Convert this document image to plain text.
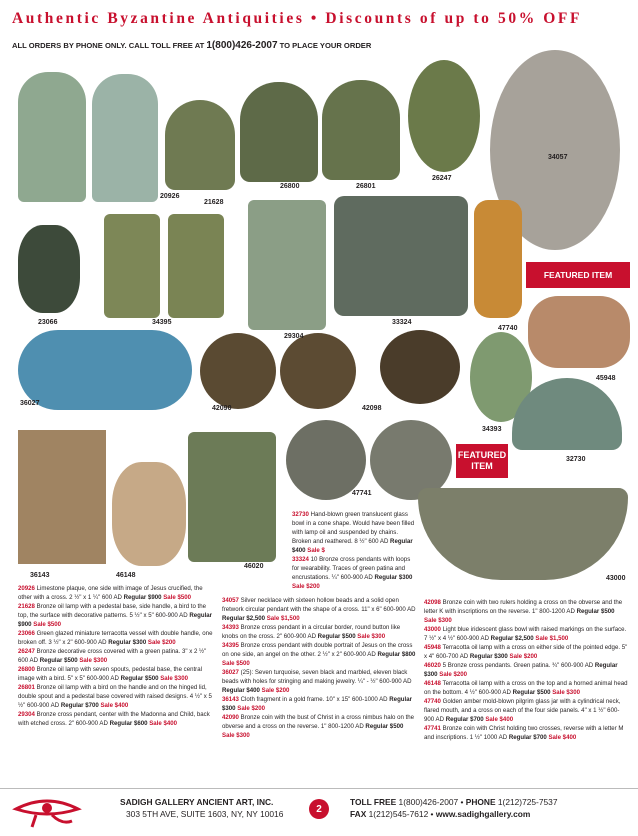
Authentic Byzantine Antiquities • Discounts of up to 50% OFF
ALL ORDERS BY PHONE ONLY. CALL TOLL FREE AT 1(800)426-2007 TO PLACE YOUR ORDER
20926
21628
26800	26801
26247
34057
23066	34395
29304
33324
47740
45948
36027
42090	42098
34393
32730
47741
36143	46148
46020
43000
FEATURED ITEM
FEATURED ITEM

32730 Hand-blown green translucent glass bowl in a cone shape. Would have been filled with lamp oil and suspended by chains. Broken and reathered. 8 ½" 600 AD Regular $400 Sale $

33324 10 Bronze cross pendants with loops for wearability. Traces of green patina and encrustations. ¼" 600-900 AD Regular $300 Sale $200

20926 Limestone plaque, one side with image of Jesus crucified, the other with a cross. 2 ½" x 1 ¼" 600 AD Regular $900 Sale $500

21628 Bronze oil lamp with a pedestal base, side handle, a bird to the top, the surface with decorative patterns. 5 ½" x 5" 600-900 AD Regular $900 Sale $500

23066 Green glazed miniature terracotta vessel with double handle, one broken off. 3 ½" x 2" 600-900 AD Regular $300 Sale $200

26247 Bronze decorative cross covered with a green patina. 3" x 2 ½" 600 AD Regular $500 Sale $300

26800 Bronze oil lamp with seven spouts, pedestal base, the central image with a bird. 5" x 5" 600-900 AD Regular $500 Sale $300

26801 Bronze oil lamp with a bird on the handle and on the hinged lid, double spout and a pedestal base covered with raised designs. 4 ½" x 5 ½" 600-900 AD Regular $700 Sale $400

29304 Bronze cross pendant, center with the Madonna and Child, back with etched cross. 2" 600-900 AD Regular $600 Sale $400

34057 Silver necklace with sixteen hollow beads and a solid open fretwork circular pendant with the shape of a cross. 11" x 6" 600-900 AD Regular $2,500 Sale $1,500

34393 Bronze cross pendant in a circular border, round button like knobs on the cross. 2" 600-900 AD Regular $500 Sale $300

34395 Bronze cross pendant with double portrait of Jesus on the cross on one side, an angel on the other. 2 ½" x 2" 600-900 AD Regular $800 Sale $500

36027 (25): Seven turquoise, seven black and marbled, eleven black beads with holes for stringing and making jewelry. ¼" - ½" 600-900 AD Regular $400 Sale $200

36143 Cloth fragment in a gold frame. 10" x 15" 600-1000 AD Regular $300 Sale $200

42090 Bronze coin with the bust of Christ in a cross nimbus halo on the obverse and a cross on the reverse. 1" 800-1200 AD Regular $500 Sale $300

42098 Bronze coin with two rulers holding a cross on the obverse and the letter K with inscriptions on the reverse. 1" 800-1200 AD Regular $500 Sale $300

43000 Light blue iridescent glass bowl with raised markings on the surface. 7 ½" x 4 ½" 600-900 AD Regular $2,500 Sale $1,500

45948 Terracotta oil lamp with a cross on either side of the pointed edge. 5" x 4" 600-700 AD Regular $300 Sale $200

46020 5 Bronze cross pendants. Green patina. ¾" 600-900 AD Regular $300 Sale $200

46148 Terracotta oil lamp with a cross on the top and a horned animal head on the bottom. 4 ½" 600-900 AD Regular $500 Sale $300

47740 Golden amber mold-blown pilgrim glass jar with a cylindrical neck, flared mouth, and a cross on each of the four side panels. 4" x 1 ½" 600-900 AD Regular $700 Sale $400

47741 Bronze coin with Christ holding two crosses, reverse with a letter M and inscriptions. 1 ½" 1000 AD Regular $700 Sale $400

SADIGH GALLERY ANCIENT ART, INC.
303 5TH AVE, SUITE 1603, NY, NY 10016	2
TOLL FREE 1(800)426-2007 • PHONE 1(212)725-7537
FAX 1(212)545-7612 • www.sadighgallery.com
